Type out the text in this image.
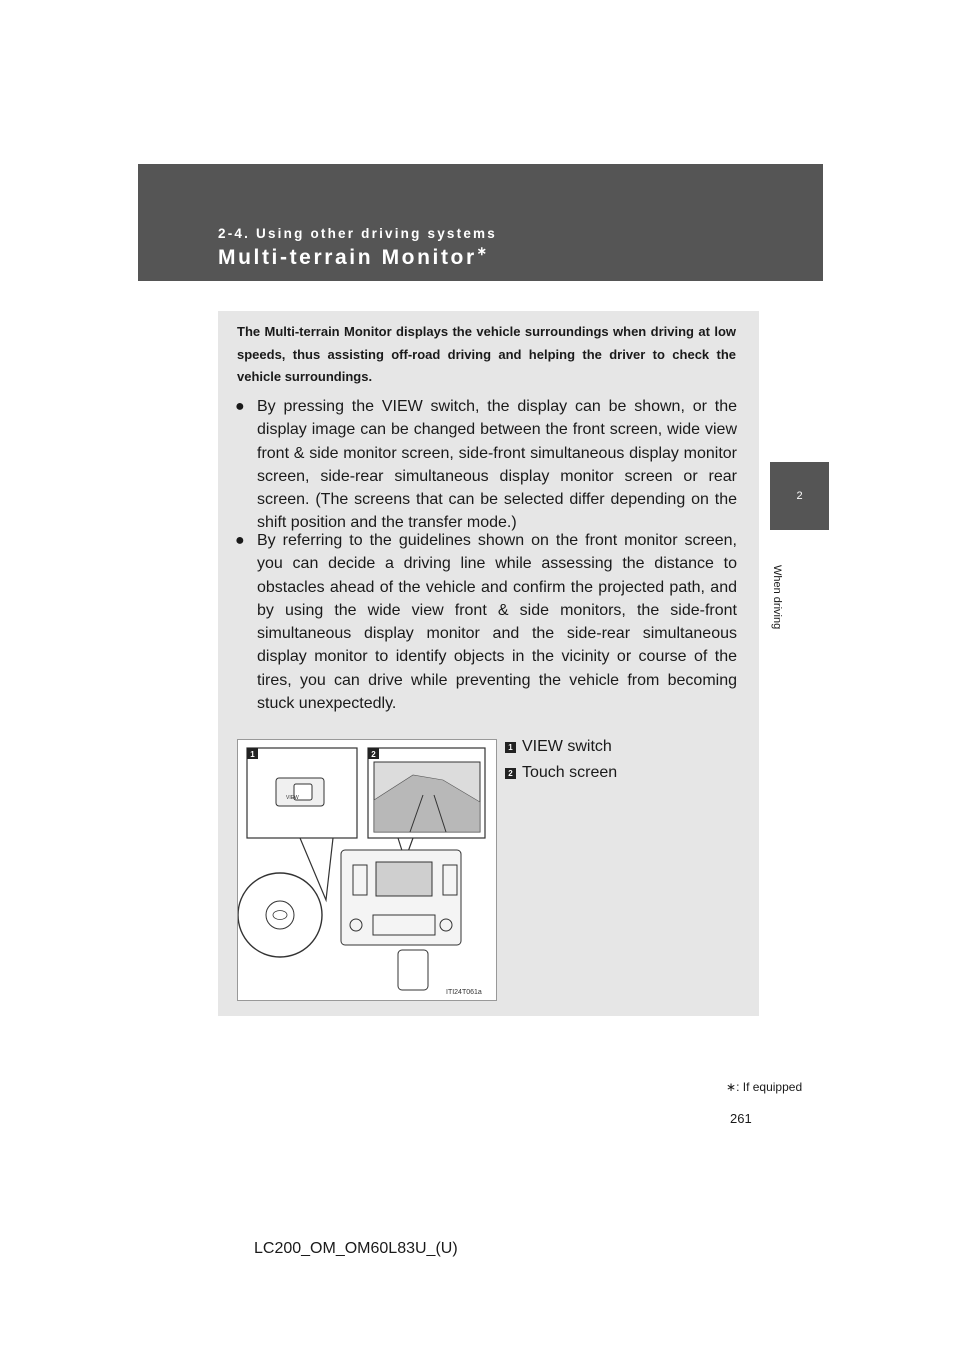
2-4. Using other driving systems
Multi-terrain Monitor∗
2
When driving

The Multi-terrain Monitor displays the vehicle surroundings when driving at low speeds, thus assisting off-road driving and helping the driver to check the vehicle surroundings.

● By pressing the VIEW switch, the display can be shown, or the display image can be changed between the front screen, wide view front & side monitor screen, side-front simultaneous display monitor screen, side-rear simultaneous display monitor screen or rear screen. (The screens that can be selected differ depending on the shift position and the transfer mode.)
● By referring to the guidelines shown on the front monitor screen, you can decide a driving line while assessing the distance to obstacles ahead of the vehicle and confirm the projected path, and by using the wide view front & side monitors, the side-front simultaneous display monitor and the side-rear simultaneous display monitor to identify objects in the vicinity or course of the tires, you can drive while preventing the vehicle from becoming stuck unexpectedly.
1
VIEW
2
ITI24T061a
1 VIEW switch
2 Touch screen
∗: If equipped
261
LC200_OM_OM60L83U_(U)
